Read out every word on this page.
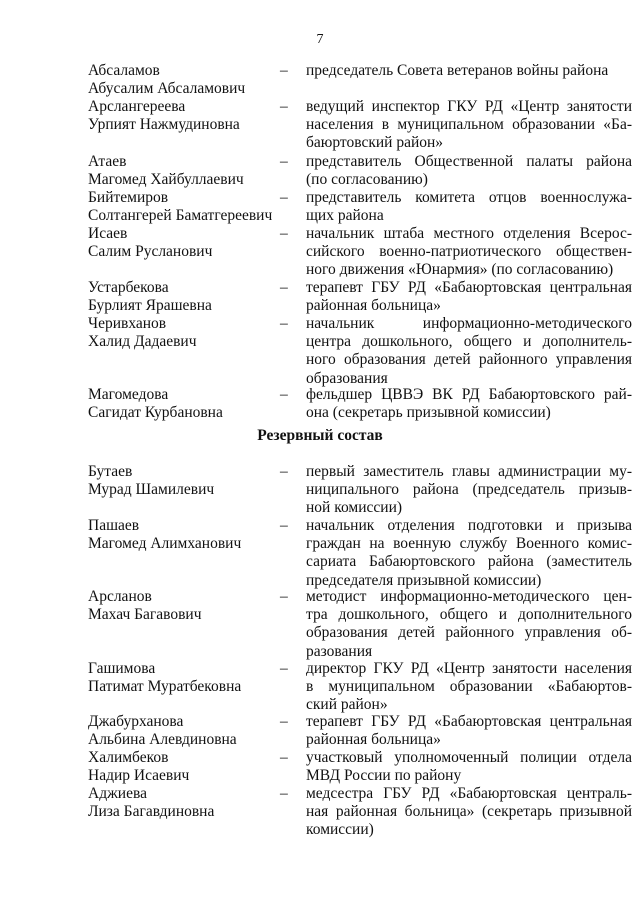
7
Абсаламов
Абусалим Абсаламович
–	председатель Совета ветеранов войны района
Арслангереева
Урпият Нажмудиновна
–	ведущий инспектор ГКУ РД «Центр занятости
населения в муниципальном образовании «Ба-
баюртовский район»
Атаев
Магомед Хайбуллаевич
–	представитель Общественной палаты района
(по согласованию)
Бийтемиров
Солтангерей Баматгереевич
–	представитель комитета отцов военнослужа-
щих района
Исаев
Салим Русланович
–	начальник штаба местного отделения Всерос-
сийского военно-патриотического обществен-
ного движения «Юнармия» (по согласованию)
Устарбекова
Бурлият Ярашевна
–	терапевт ГБУ РД «Бабаюртовская центральная
районная больница»
Черивханов
Халид Дадаевич
–	начальник информационно-методического
центра дошкольного, общего и дополнитель-
ного образования детей районного управления
образования
Магомедова
Сагидат Курбановна
–	фельдшер ЦВВЭ ВК РД Бабаюртовского рай-
она (секретарь призывной комиссии)
Резервный состав
Бутаев
Мурад Шамилевич
–	первый заместитель главы администрации му-
ниципального района (председатель призыв-
ной комиссии)
Пашаев
Магомед Алимханович
–	начальник отделения подготовки и призыва
граждан на военную службу Военного комис-
сариата Бабаюртовского района (заместитель
председателя призывной комиссии)
Арсланов
Махач Багавович
–	методист информационно-методического цен-
тра дошкольного, общего и дополнительного
образования детей районного управления об-
разования
Гашимова
Патимат Муратбековна
–	директор ГКУ РД «Центр занятости населения
в муниципальном образовании «Бабаюртов-
ский район»
Джабурханова
Альбина Алевдиновна
–	терапевт ГБУ РД «Бабаюртовская центральная
районная больница»
Халимбеков
Надир Исаевич
–	участковый уполномоченный полиции отдела
МВД России по району
Аджиева
Лиза Багавдиновна
–	медсестра ГБУ РД «Бабаюртовская централь-
ная районная больница» (секретарь призывной
комиссии)
